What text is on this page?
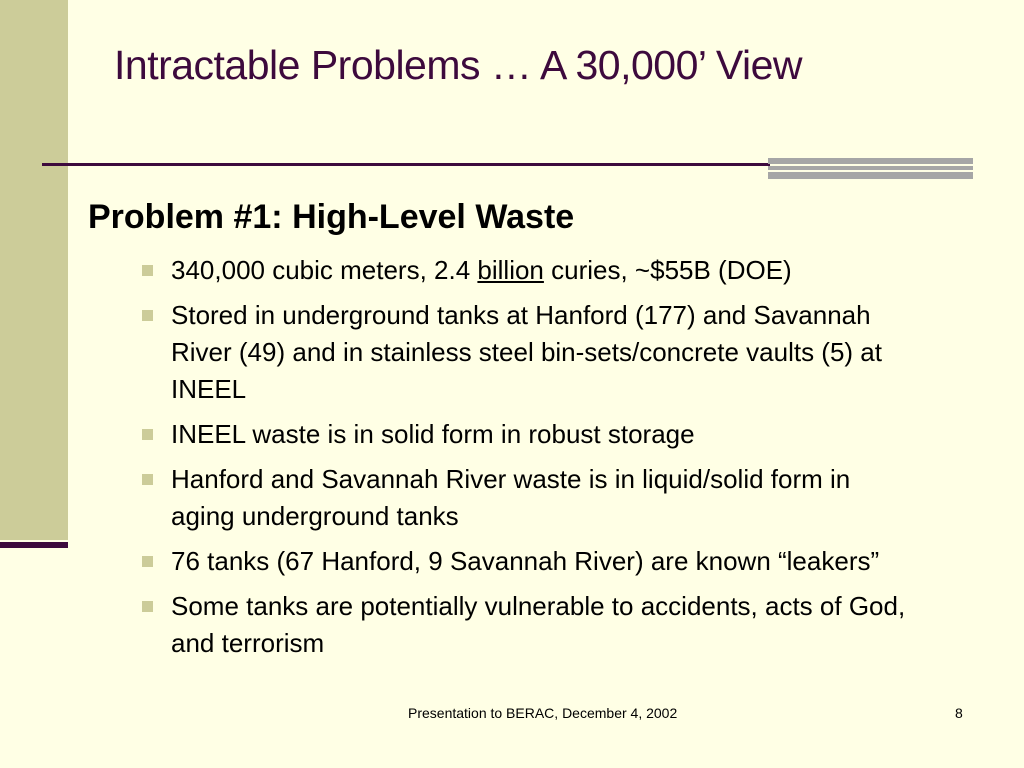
Intractable Problems … A 30,000’ View
Problem #1: High-Level Waste
340,000 cubic meters, 2.4 billion curies, ~$55B (DOE)
Stored in underground tanks at Hanford (177) and Savannah River (49) and in stainless steel bin-sets/concrete vaults (5) at INEEL
INEEL waste is in solid form in robust storage
Hanford and Savannah River waste is in liquid/solid form in aging underground tanks
76 tanks (67 Hanford, 9 Savannah River) are known “leakers”
Some tanks are potentially vulnerable to accidents, acts of God, and terrorism
Presentation to BERAC, December 4, 2002	8
